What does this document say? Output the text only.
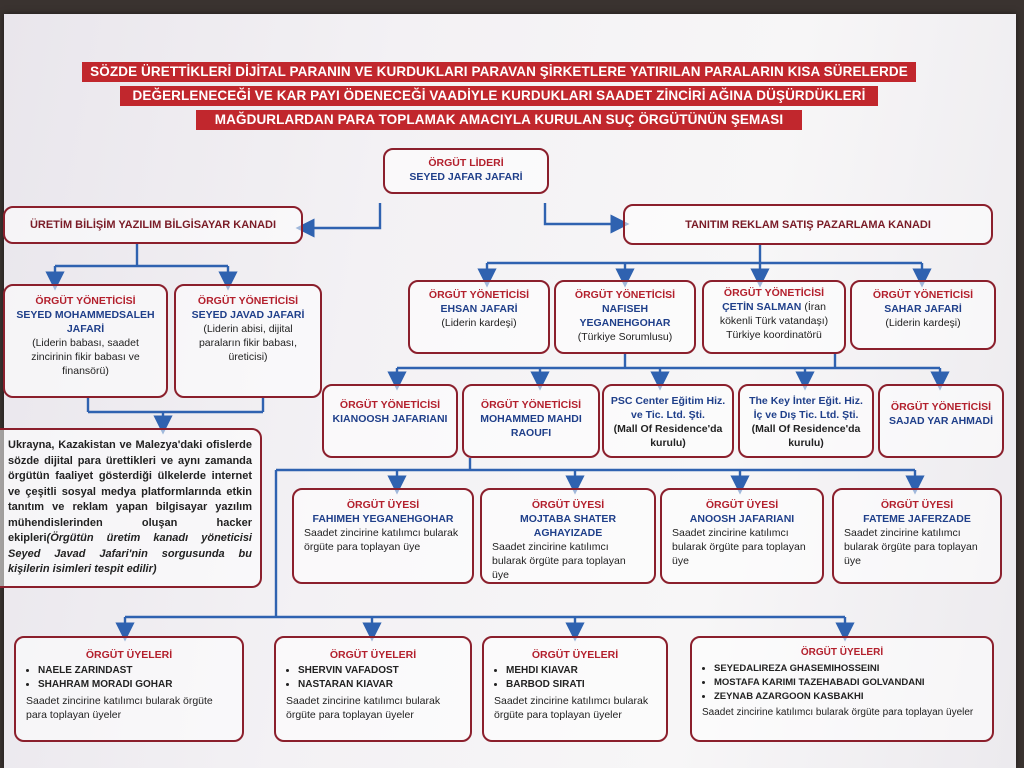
SÖZDE ÜRETTİKLERİ DİJİTAL PARANIN VE KURDUKLARI PARAVAN ŞİRKETLERE YATIRILAN PARALARIN KISA SÜRELERDE
DEĞERLENECEĞİ VE KAR PAYI ÖDENECEĞİ VAADİYLE KURDUKLARI SAADET ZİNCİRİ AĞINA DÜŞÜRDÜKLERİ
MAĞDURLARDAN PARA TOPLAMAK AMACIYLA KURULAN SUÇ ÖRGÜTÜNÜN ŞEMASI
ÖRGÜT LİDERİ
SEYED JAFAR JAFARİ
ÜRETİM BİLİŞİM YAZILIM BİLGİSAYAR KANADI	TANITIM REKLAM SATIŞ PAZARLAMA KANADI
ÖRGÜT YÖNETİCİSİ
SEYED MOHAMMEDSALEH JAFARİ
(Liderin babası, saadet zincirinin fikir babası ve finansörü)
ÖRGÜT YÖNETİCİSİ
SEYED JAVAD JAFARİ
(Liderin abisi, dijital paraların fikir babası, üreticisi)
Ukrayna, Kazakistan ve Malezya'daki ofislerde sözde dijital para ürettikleri ve aynı zamanda örgütün faaliyet gösterdiği ülkelerde internet ve çeşitli sosyal medya platformlarında etkin tanıtım ve reklam yapan bilgisayar yazılım mühendislerinden oluşan hacker ekipleri(Örgütün üretim kanadı yöneticisi Seyed Javad Jafari'nin sorgusunda bu kişilerin isimleri tespit edilir)
ÖRGÜT YÖNETİCİSİ
EHSAN JAFARİ
(Liderin kardeşi)
ÖRGÜT YÖNETİCİSİ
NAFISEH YEGANEHGOHAR
(Türkiye Sorumlusu)
ÖRGÜT YÖNETİCİSİ
ÇETİN SALMAN (İran kökenli Türk vatandaşı) Türkiye koordinatörü
ÖRGÜT YÖNETİCİSİ
SAHAR JAFARİ
(Liderin kardeşi)
ÖRGÜT YÖNETİCİSİ
KIANOOSH JAFARIANI
ÖRGÜT YÖNETİCİSİ
MOHAMMED MAHDI RAOUFI
PSC Center Eğitim Hiz. ve Tic. Ltd. Şti.
(Mall Of Residence'da kurulu)
The Key İnter Eğit. Hiz. İç ve Dış Tic. Ltd. Şti.
(Mall Of Residence'da kurulu)
ÖRGÜT YÖNETİCİSİ
SAJAD YAR AHMADİ
ÖRGÜT ÜYESİ
FAHIMEH YEGANEHGOHAR
Saadet zincirine katılımcı bularak örgüte para toplayan üye
ÖRGÜT ÜYESİ
MOJTABA SHATER AGHAYIZADE
Saadet zincirine katılımcı bularak örgüte para toplayan üye
ÖRGÜT ÜYESİ
ANOOSH JAFARIANI
Saadet zincirine katılımcı bularak örgüte para toplayan üye
ÖRGÜT ÜYESİ
FATEME JAFERZADE
Saadet zincirine katılımcı bularak örgüte para toplayan üye
ÖRGÜT ÜYELERİ
• NAELE ZARINDAST
• SHAHRAM MORADI GOHAR
Saadet zincirine katılımcı bularak örgüte para toplayan üyeler
ÖRGÜT ÜYELERİ
• SHERVIN VAFADOST
• NASTARAN KIAVAR
Saadet zincirine katılımcı bularak örgüte para toplayan üyeler
ÖRGÜT ÜYELERİ
• MEHDI KIAVAR
• BARBOD SIRATI
Saadet zincirine katılımcı bularak örgüte para toplayan üyeler
ÖRGÜT ÜYELERİ
• SEYEDALIREZA GHASEMIHOSSEINI
• MOSTAFA KARIMI TAZEHABADI GOLVANDANI
• ZEYNAB AZARGOON KASBAKHI
Saadet zincirine katılımcı bularak örgüte para toplayan üyeler
